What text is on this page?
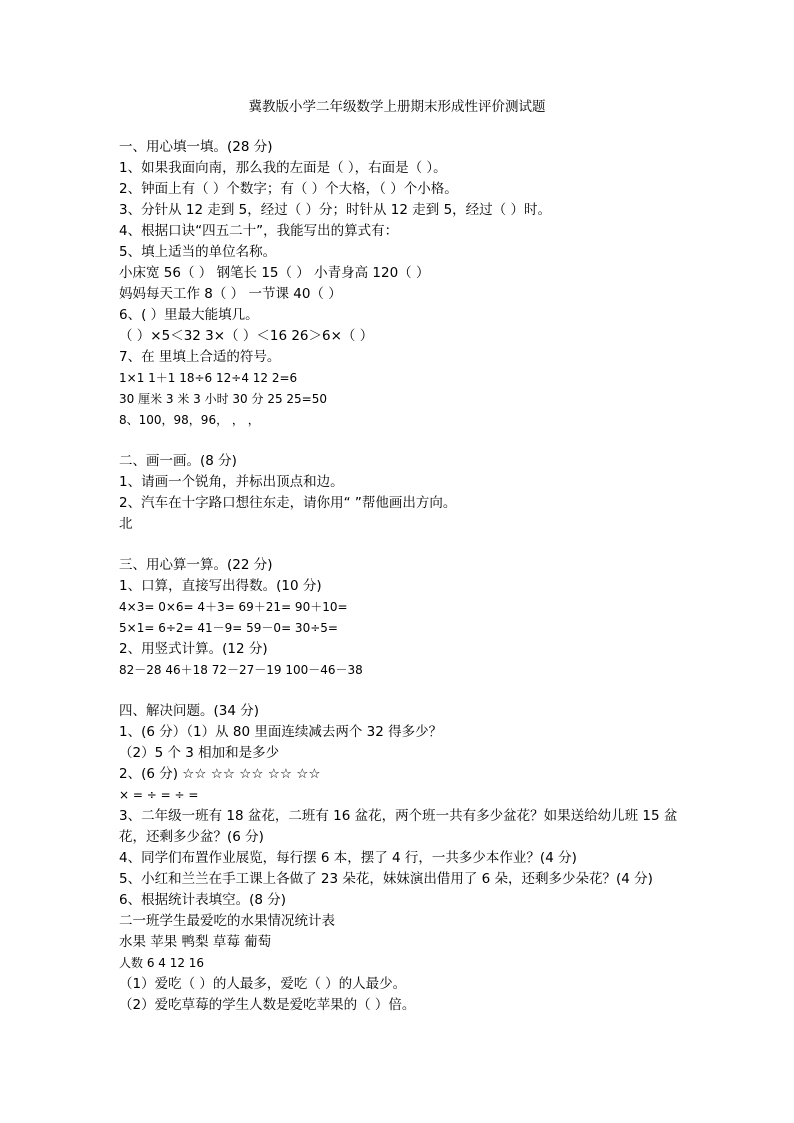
冀教版小学二年级数学上册期末形成性评价测试题
一、用心填一填。(28 分)
1、如果我面向南，那么我的左面是（ ），右面是（ ）。
2、钟面上有（ ）个数字；有（ ）个大格，（ ）个小格。
3、分针从 12 走到 5，经过（ ）分；时针从 12 走到 5，经过（ ）时。
4、根据口诀“四五二十”，我能写出的算式有：
5、填上适当的单位名称。
小床宽 56（ ） 钢笔长 15（ ） 小青身高 120（ ）
妈妈每天工作 8（ ） 一节课 40（ ）
6、( ）里最大能填几。
（ ）×5＜32 3×（ ）＜16 26＞6×（ ）
7、在 里填上合适的符号。
1×1 1＋1 18÷6 12÷4 12 2=6
30 厘米 3 米 3 小时 30 分 25 25=50
8、100，98，96， ， ，
二、画一画。(8 分)
1、请画一个锐角，并标出顶点和边。
2、汽车在十字路口想往东走，请你用“ ”帮他画出方向。
北
三、用心算一算。(22 分)
1、口算，直接写出得数。(10 分)
4×3= 0×6= 4＋3= 69＋21= 90＋10=
5×1= 6÷2= 41－9= 59－0= 30÷5=
2、用竖式计算。(12 分)
82－28 46＋18 72－27－19 100－46－38
四、解决问题。(34 分)
1、(6 分）（1）从 80 里面连续减去两个 32 得多少？
（2）5 个 3 相加和是多少
2、(6 分) ☆☆ ☆☆ ☆☆ ☆☆ ☆☆
× = ÷ = ÷ =
3、二年级一班有 18 盆花，二班有 16 盆花，两个班一共有多少盆花？如果送给幼儿班 15 盆
花，还剩多少盆？(6 分)
4、同学们布置作业展览，每行摆 6 本，摆了 4 行，一共多少本作业？(4 分)
5、小红和兰兰在手工课上各做了 23 朵花，妹妹演出借用了 6 朵，还剩多少朵花？(4 分)
6、根据统计表填空。(8 分)
二一班学生最爱吃的水果情况统计表
水果 苹果 鸭梨 草莓 葡萄
人数 6 4 12 16
（1）爱吃（ ）的人最多，爱吃（ ）的人最少。
（2）爱吃草莓的学生人数是爱吃苹果的（ ）倍。
